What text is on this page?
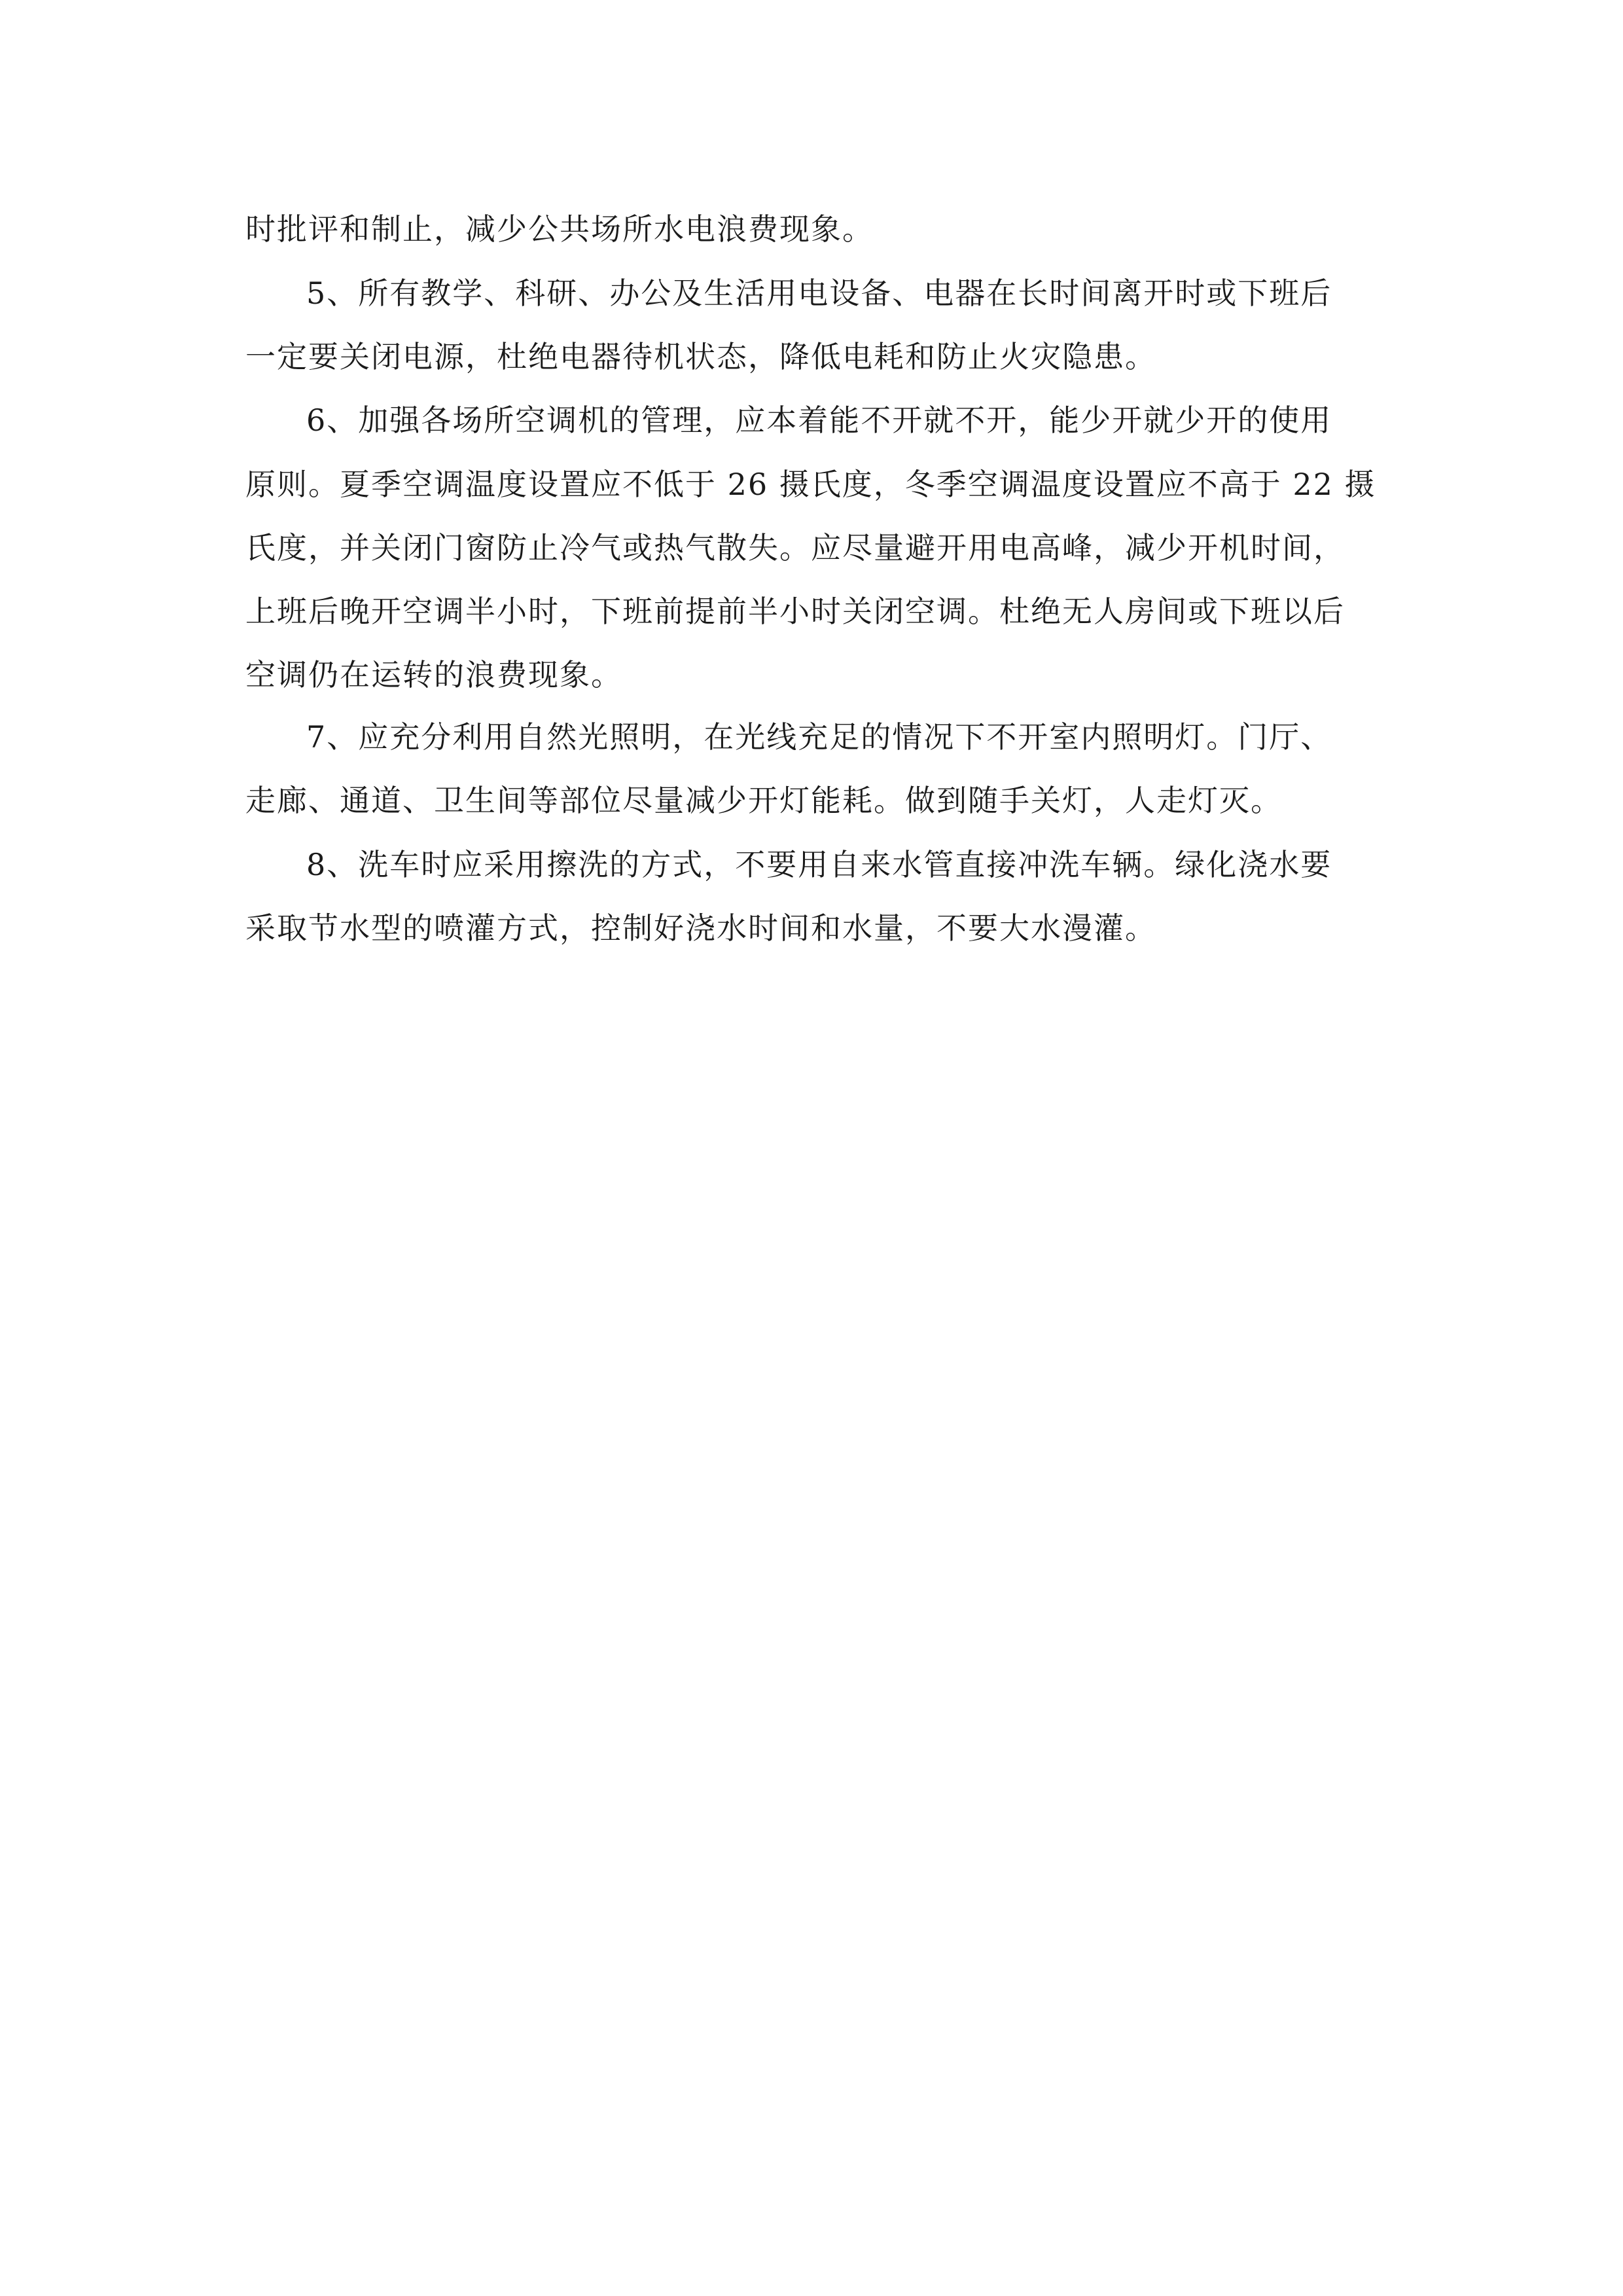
时批评和制止，减少公共场所水电浪费现象。
5、所有教学、科研、办公及生活用电设备、电器在长时间离开时或下班后
一定要关闭电源，杜绝电器待机状态，降低电耗和防止火灾隐患。
6、加强各场所空调机的管理，应本着能不开就不开，能少开就少开的使用
原则。夏季空调温度设置应不低于 26 摄氏度，冬季空调温度设置应不高于 22 摄
氏度，并关闭门窗防止冷气或热气散失。应尽量避开用电高峰，减少开机时间，
上班后晚开空调半小时，下班前提前半小时关闭空调。杜绝无人房间或下班以后
空调仍在运转的浪费现象。
7、应充分利用自然光照明，在光线充足的情况下不开室内照明灯。门厅、
走廊、通道、卫生间等部位尽量减少开灯能耗。做到随手关灯，人走灯灭。
8、洗车时应采用擦洗的方式，不要用自来水管直接冲洗车辆。绿化浇水要
采取节水型的喷灌方式，控制好浇水时间和水量，不要大水漫灌。
